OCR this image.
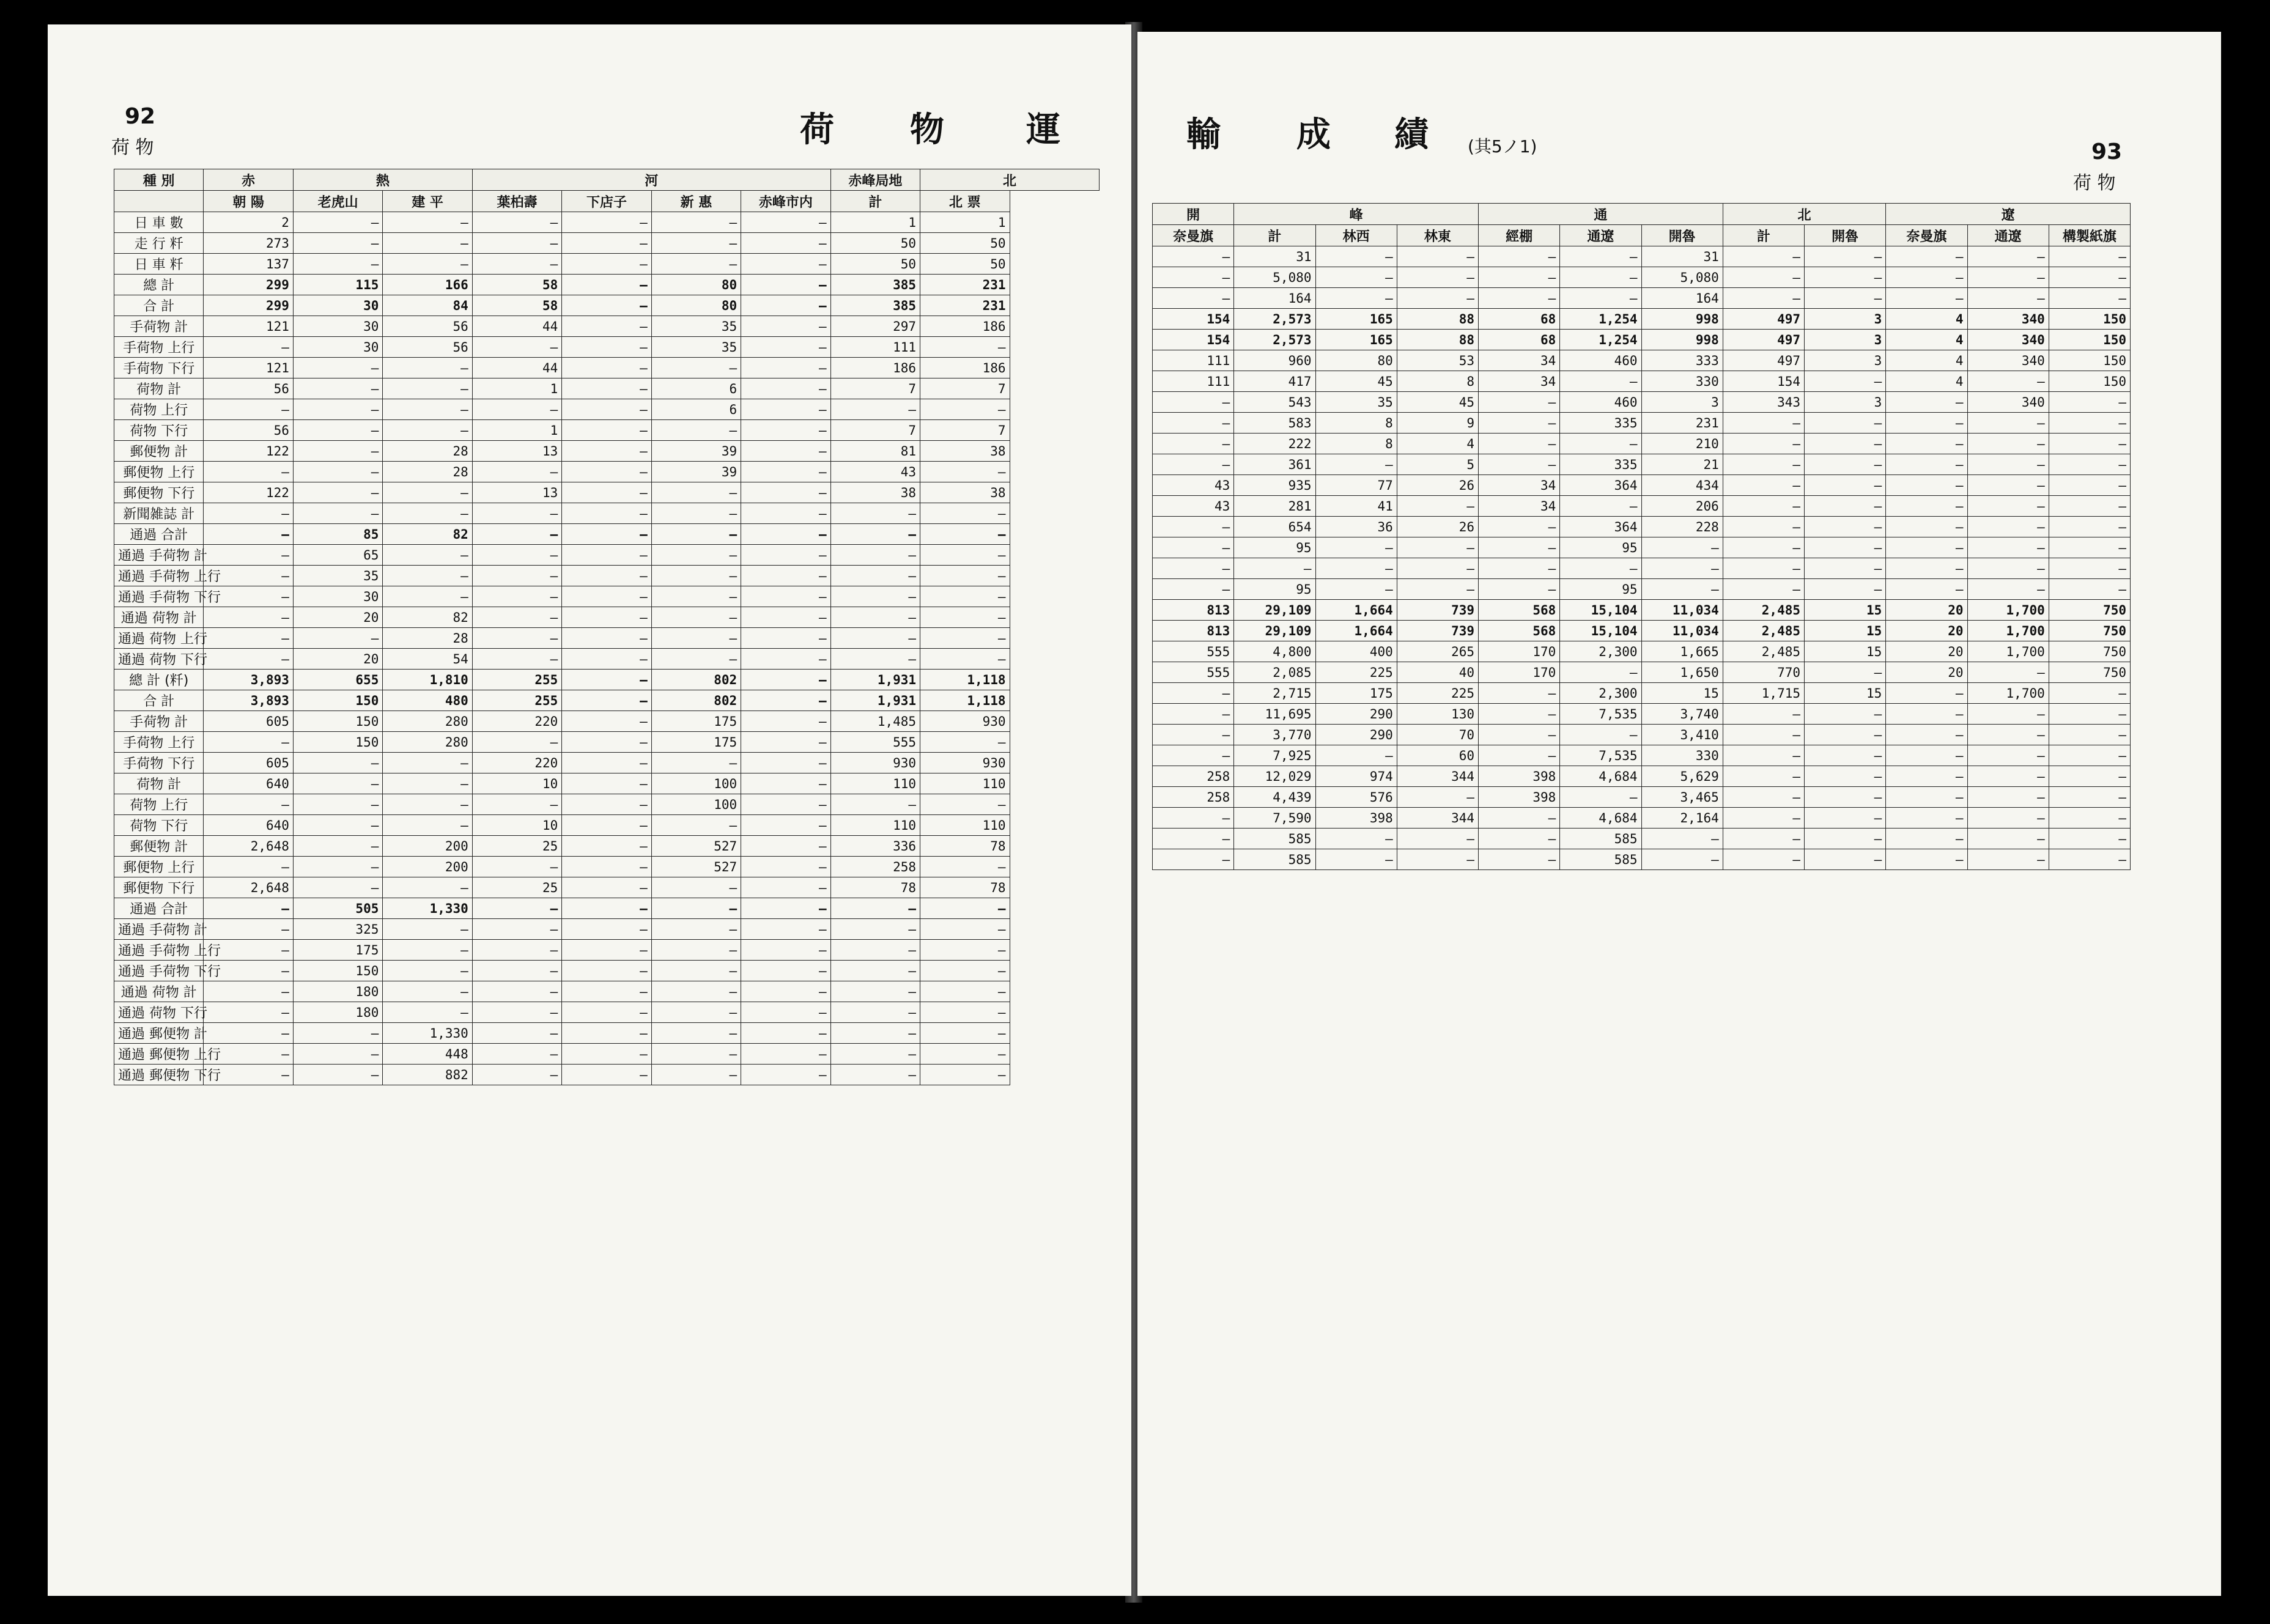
92
荷 物	荷 物 運
種 別	赤	熱		河				赤峰局地	北
	朝 陽	老虎山	建 平	葉柏壽	下店子	新 惠	赤峰市内	計	北 票
日 車 數	2	—	—	—	—	—	—	1	1
走 行 粁	273	—	—	—	—	—	—	50	50
日 車 粁	137	—	—	—	—	—	—	50	50
總 計	299	115	166	58	—	80	—	385	231
合 計	299	30	84	58	—	80	—	385	231
手荷物 計	121	30	56	44	—	35	—	297	186
手荷物 上行	—	30	56	—	—	35	—	111	—
手荷物 下行	121	—	—	44	—	—	—	186	186
荷物 計	56	—	—	1	—	6	—	7	7
荷物 上行	—	—	—	—	—	6	—	—	—
荷物 下行	56	—	—	1	—	—	—	7	7
郵便物 計	122	—	28	13	—	39	—	81	38
郵便物 上行	—	—	28	—	—	39	—	43	—
郵便物 下行	122	—	—	13	—	—	—	38	38
新聞雑誌 計	—	—	—	—	—	—	—	—	—
通過 合計	—	85	82	—	—	—	—	—	—
通過 手荷物 計	—	65	—	—	—	—	—	—	—
通過 手荷物 上行	—	35	—	—	—	—	—	—	—
通過 手荷物 下行	—	30	—	—	—	—	—	—	—
通過 荷物 計	—	20	82	—	—	—	—	—	—
通過 荷物 上行	—	—	28	—	—	—	—	—	—
通過 荷物 下行	—	20	54	—	—	—	—	—	—
總 計 (粁)	3,893	655	1,810	255	—	802	—	1,931	1,118
合 計	3,893	150	480	255	—	802	—	1,931	1,118
手荷物 計	605	150	280	220	—	175	—	1,485	930
手荷物 上行	—	150	280	—	—	175	—	555	—
手荷物 下行	605	—	—	220	—	—	—	930	930
荷物 計	640	—	—	10	—	100	—	110	110
荷物 上行	—	—	—	—	—	100	—	—	—
荷物 下行	640	—	—	10	—	—	—	110	110
郵便物 計	2,648	—	200	25	—	527	—	336	78
郵便物 上行	—	—	200	—	—	527	—	258	—
郵便物 下行	2,648	—	—	25	—	—	—	78	78
通過 合計	—	505	1,330	—	—	—	—	—	—
通過 手荷物 計	—	325	—	—	—	—	—	—	—
通過 手荷物 上行	—	175	—	—	—	—	—	—	—
通過 手荷物 下行	—	150	—	—	—	—	—	—	—
通過 荷物 計	—	180	—	—	—	—	—	—	—
通過 荷物 下行	—	180	—	—	—	—	—	—	—
通過 郵便物 計	—	—	1,330	—	—	—	—	—	—
通過 郵便物 上行	—	—	448	—	—	—	—	—	—
通過 郵便物 下行	—	—	882	—	—	—	—	—	—
93
荷 物
輸 成 績 (其5ノ1)
開	峰			通			北		遼		
奈曼旗	計	林西	林東	經棚	通遼	開魯	計	開魯	奈曼旗	通遼	構製紙旗
—	31	—	—	—	—	31	—	—	—	—	—
—	5,080	—	—	—	—	5,080	—	—	—	—	—
—	164	—	—	—	—	164	—	—	—	—	—
154	2,573	165	88	68	1,254	998	497	3	4	340	150
154	2,573	165	88	68	1,254	998	497	3	4	340	150
111	960	80	53	34	460	333	497	3	4	340	150
111	417	45	8	34	—	330	154	—	4	—	150
—	543	35	45	—	460	3	343	3	—	340	—
—	583	8	9	—	335	231	—	—	—	—	—
—	222	8	4	—	—	210	—	—	—	—	—
—	361	—	5	—	335	21	—	—	—	—	—
43	935	77	26	34	364	434	—	—	—	—	—
43	281	41	—	34	—	206	—	—	—	—	—
—	654	36	26	—	364	228	—	—	—	—	—
—	95	—	—	—	95	—	—	—	—	—	—
—	—	—	—	—	—	—	—	—	—	—	—
—	95	—	—	—	95	—	—	—	—	—	—
813	29,109	1,664	739	568	15,104	11,034	2,485	15	20	1,700	750
813	29,109	1,664	739	568	15,104	11,034	2,485	15	20	1,700	750
555	4,800	400	265	170	2,300	1,665	2,485	15	20	1,700	750
555	2,085	225	40	170	—	1,650	770	—	20	—	750
—	2,715	175	225	—	2,300	15	1,715	15	—	1,700	—
—	11,695	290	130	—	7,535	3,740	—	—	—	—	—
—	3,770	290	70	—	—	3,410	—	—	—	—	—
—	7,925	—	60	—	7,535	330	—	—	—	—	—
258	12,029	974	344	398	4,684	5,629	—	—	—	—	—
258	4,439	576	—	398	—	3,465	—	—	—	—	—
—	7,590	398	344	—	4,684	2,164	—	—	—	—	—
—	585	—	—	—	585	—	—	—	—	—	—
—	585	—	—	—	585	—	—	—	—	—	—
